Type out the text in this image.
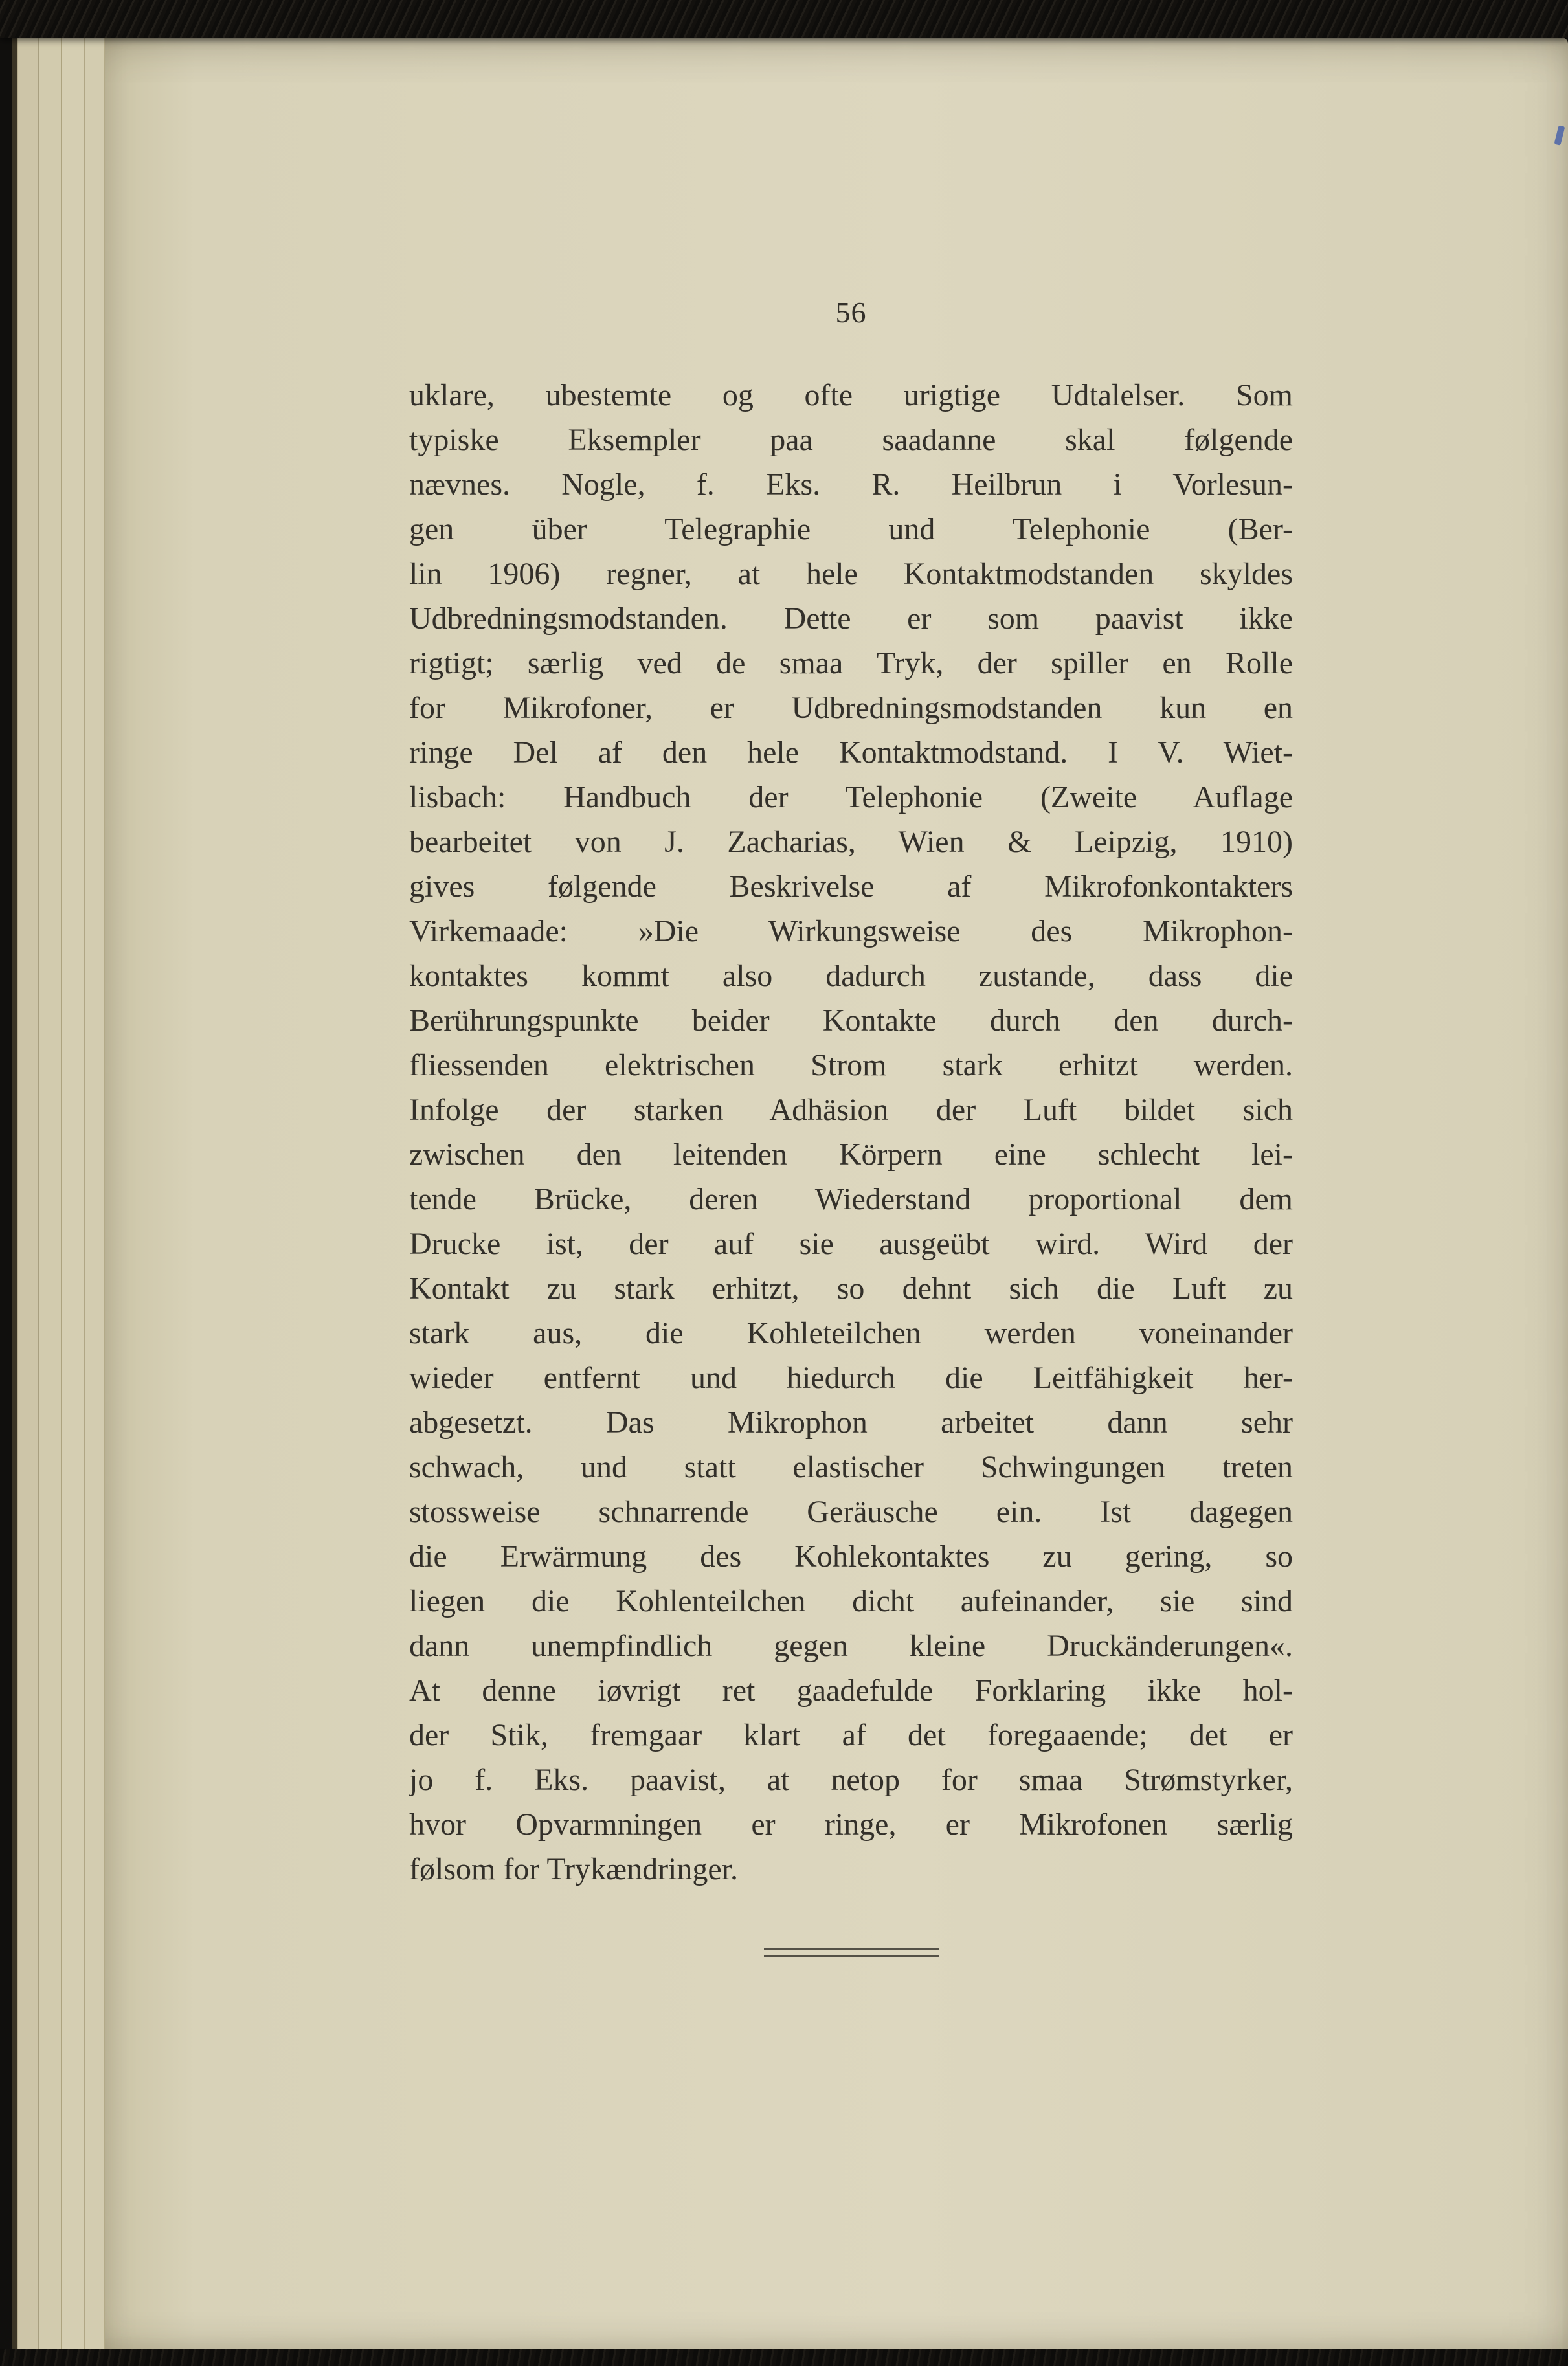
56
uklare, ubestemte og ofte urigtige Udtalelser. Som
typiske Eksempler paa saadanne skal følgende
nævnes. Nogle, f. Eks. R. Heilbrun i Vorlesun-
gen über Telegraphie und Telephonie (Ber-
lin 1906) regner, at hele Kontaktmodstanden skyldes
Udbredningsmodstanden. Dette er som paavist ikke
rigtigt; særlig ved de smaa Tryk, der spiller en Rolle
for Mikrofoner, er Udbredningsmodstanden kun en
ringe Del af den hele Kontaktmodstand. I V. Wiet-
lisbach: Handbuch der Telephonie (Zweite Auflage
bearbeitet von J. Zacharias, Wien & Leipzig, 1910)
gives følgende Beskrivelse af Mikrofonkontakters
Virkemaade: »Die Wirkungsweise des Mikrophon-
kontaktes kommt also dadurch zustande, dass die
Berührungspunkte beider Kontakte durch den durch-
fliessenden elektrischen Strom stark erhitzt werden.
Infolge der starken Adhäsion der Luft bildet sich
zwischen den leitenden Körpern eine schlecht lei-
tende Brücke, deren Wiederstand proportional dem
Drucke ist, der auf sie ausgeübt wird. Wird der
Kontakt zu stark erhitzt, so dehnt sich die Luft zu
stark aus, die Kohleteilchen werden voneinander
wieder entfernt und hiedurch die Leitfähigkeit her-
abgesetzt. Das Mikrophon arbeitet dann sehr
schwach, und statt elastischer Schwingungen treten
stossweise schnarrende Geräusche ein. Ist dagegen
die Erwärmung des Kohlekontaktes zu gering, so
liegen die Kohlenteilchen dicht aufeinander, sie sind
dann unempfindlich gegen kleine Druckänderungen«.
At denne iøvrigt ret gaadefulde Forklaring ikke hol-
der Stik, fremgaar klart af det foregaaende; det er
jo f. Eks. paavist, at netop for smaa Strømstyrker,
hvor Opvarmningen er ringe, er Mikrofonen særlig
følsom for Trykændringer.
